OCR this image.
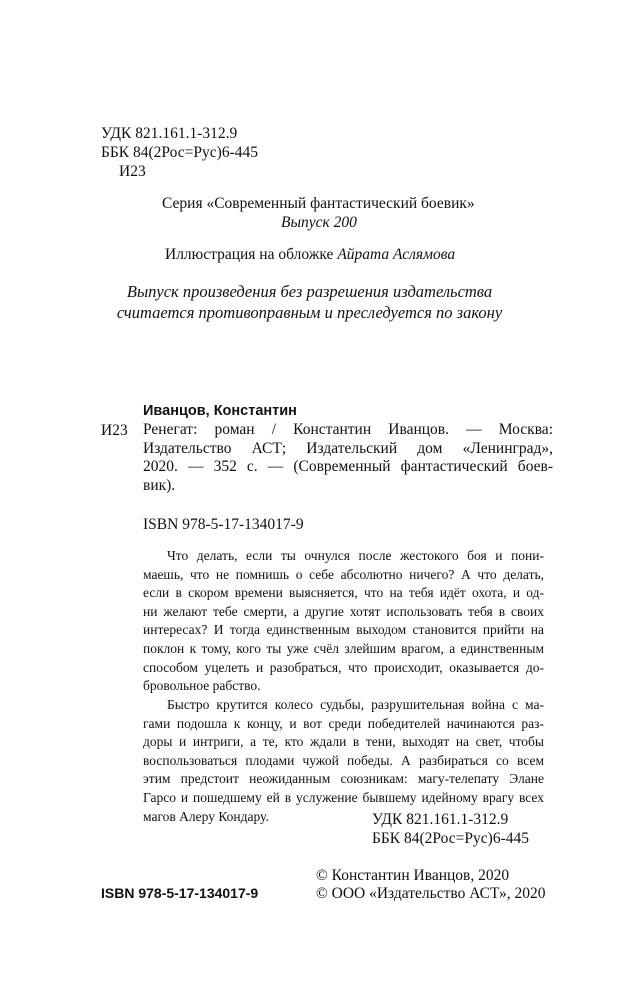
УДК 821.161.1-312.9
ББК 84(2Рос=Рус)6-445
И23
Серия «Современный фантастический боевик»
Выпуск 200
Иллюстрация на обложке Айрата Аслямова
Выпуск произведения без разрешения издательства
считается противоправным и преследуется по закону
Иванцов, Константин
И23 Ренегат: роман / Константин Иванцов. — Москва:
Издательство АСТ; Издательский дом «Ленинград»,
2020. — 352 с. — (Современный фантастический боев-
вик).
ISBN 978-5-17-134017-9
Что делать, если ты очнулся после жестокого боя и пони-
маешь, что не помнишь о себе абсолютно ничего? А что делать,
если в скором времени выясняется, что на тебя идёт охота, и од-
ни желают тебе смерти, а другие хотят использовать тебя в своих
интересах? И тогда единственным выходом становится прийти на
поклон к тому, кого ты уже счёл злейшим врагом, а единственным
способом уцелеть и разобраться, что происходит, оказывается до-
бровольное рабство.
Быстро крутится колесо судьбы, разрушительная война с ма-
гами подошла к концу, и вот среди победителей начинаются раз-
доры и интриги, а те, кто ждали в тени, выходят на свет, чтобы
воспользоваться плодами чужой победы. А разбираться со всем
этим предстоит неожиданным союзникам: магу-телепату Элане
Гарсо и пошедшему ей в услужение бывшему идейному врагу всех
магов Алеру Кондару.	УДК 821.161.1-312.9
ББК 84(2Рос=Рус)6-445
© Константин Иванцов, 2020
ISBN 978-5-17-134017-9	© ООО «Издательство АСТ», 2020
